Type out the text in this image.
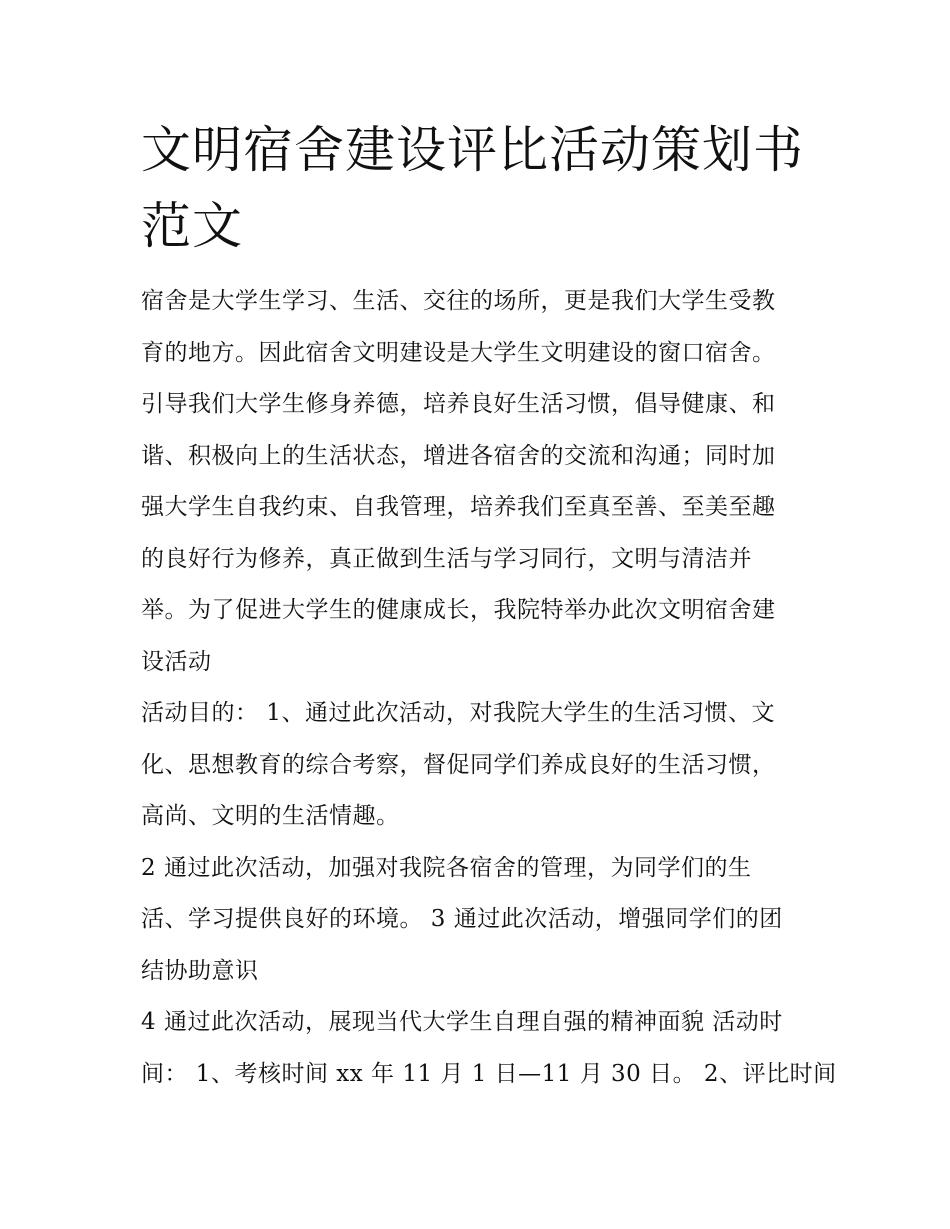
文明宿舍建设评比活动策划书
范文
宿舍是大学生学习、生活、交往的场所，更是我们大学生受教
育的地方。因此宿舍文明建设是大学生文明建设的窗口宿舍。
引导我们大学生修身养德，培养良好生活习惯，倡导健康、和
谐、积极向上的生活状态，增进各宿舍的交流和沟通；同时加
强大学生自我约束、自我管理，培养我们至真至善、至美至趣
的良好行为修养，真正做到生活与学习同行，文明与清洁并
举。为了促进大学生的健康成长，我院特举办此次文明宿舍建
设活动
活动目的： 1、通过此次活动，对我院大学生的生活习惯、文
化、思想教育的综合考察，督促同学们养成良好的生活习惯，
高尚、文明的生活情趣。
2 通过此次活动，加强对我院各宿舍的管理，为同学们的生
活、学习提供良好的环境。 3 通过此次活动，增强同学们的团
结协助意识
4 通过此次活动，展现当代大学生自理自强的精神面貌 活动时
间： 1、考核时间 xx 年 11 月 1 日—11 月 30 日。 2、评比时间
